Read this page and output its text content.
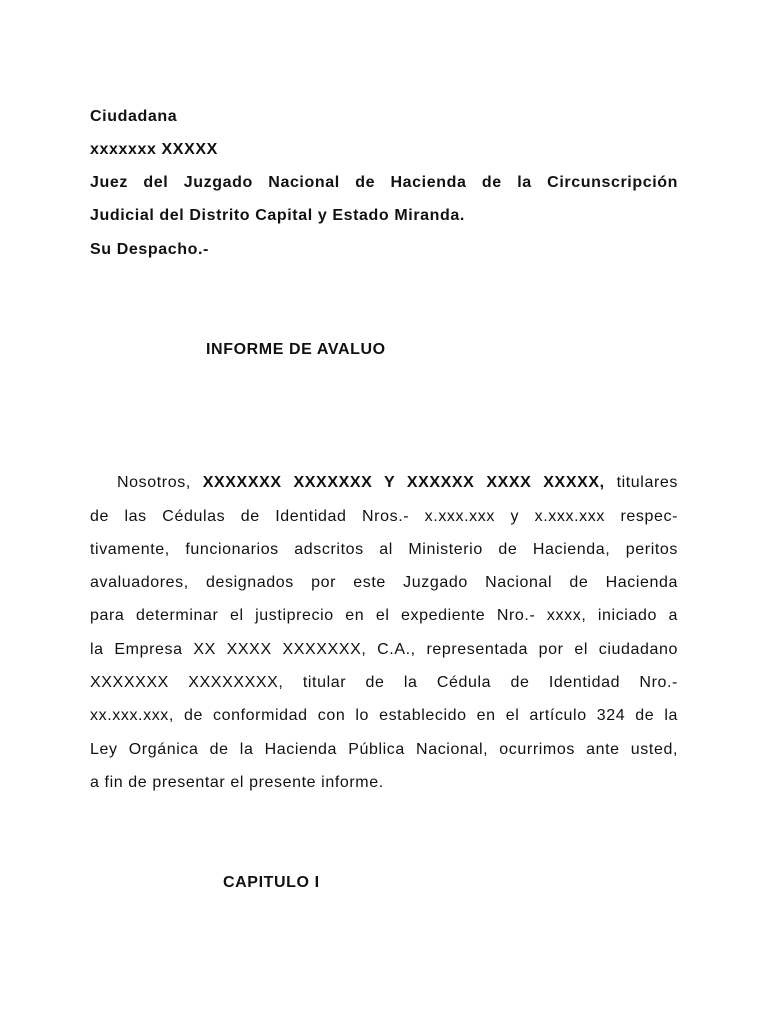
Ciudadana
xxxxxxx XXXXX
Juez del Juzgado Nacional de Hacienda de la Circunscripción
Judicial del Distrito Capital y Estado Miranda.
Su Despacho.-
INFORME DE AVALUO
Nosotros, XXXXXXX XXXXXXX Y XXXXXX XXXX XXXXX, titulares
de las Cédulas de Identidad Nros.- x.xxx.xxx y x.xxx.xxx respec-
tivamente, funcionarios adscritos al Ministerio de Hacienda, peritos
avaluadores, designados por este Juzgado Nacional de Hacienda
para determinar el justiprecio en el expediente Nro.- xxxx, iniciado a
la Empresa XX XXXX XXXXXXX, C.A., representada por el ciudadano
XXXXXXX XXXXXXXX, titular de la Cédula de Identidad Nro.-
xx.xxx.xxx, de conformidad con lo establecido en el artículo 324 de la
Ley Orgánica de la Hacienda Pública Nacional, ocurrimos ante usted,
a fin de presentar el presente informe.
CAPITULO I
